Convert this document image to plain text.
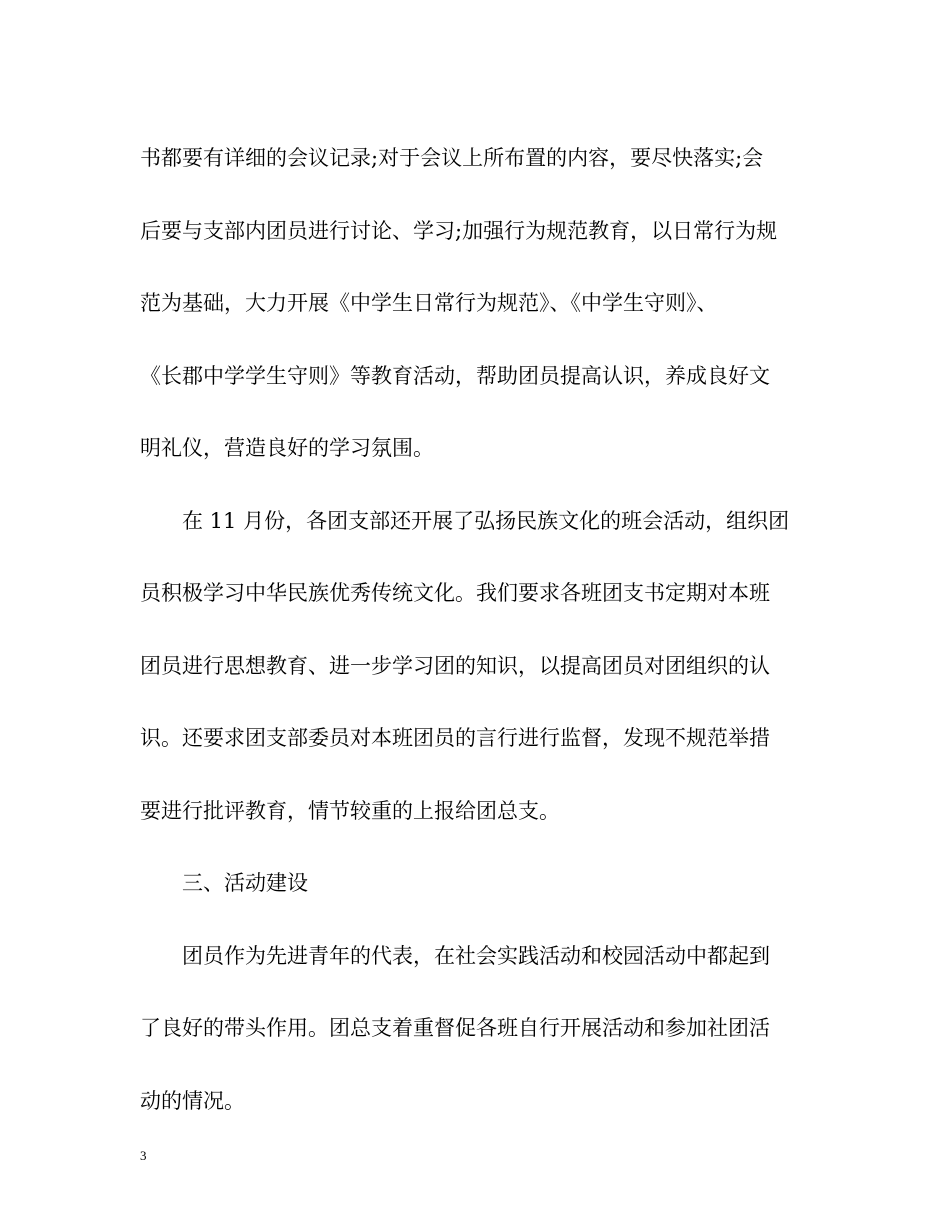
书都要有详细的会议记录;对于会议上所布置的内容，要尽快落实;会
后要与支部内团员进行讨论、学习;加强行为规范教育，以日常行为规
范为基础，大力开展《中学生日常行为规范》、《中学生守则》、
《长郡中学学生守则》等教育活动，帮助团员提高认识，养成良好文
明礼仪，营造良好的学习氛围。
在 11 月份，各团支部还开展了弘扬民族文化的班会活动，组织团
员积极学习中华民族优秀传统文化。我们要求各班团支书定期对本班
团员进行思想教育、进一步学习团的知识，以提高团员对团组织的认
识。还要求团支部委员对本班团员的言行进行监督，发现不规范举措
要进行批评教育，情节较重的上报给团总支。
三、活动建设
团员作为先进青年的代表，在社会实践活动和校园活动中都起到
了良好的带头作用。团总支着重督促各班自行开展活动和参加社团活
动的情况。
3
